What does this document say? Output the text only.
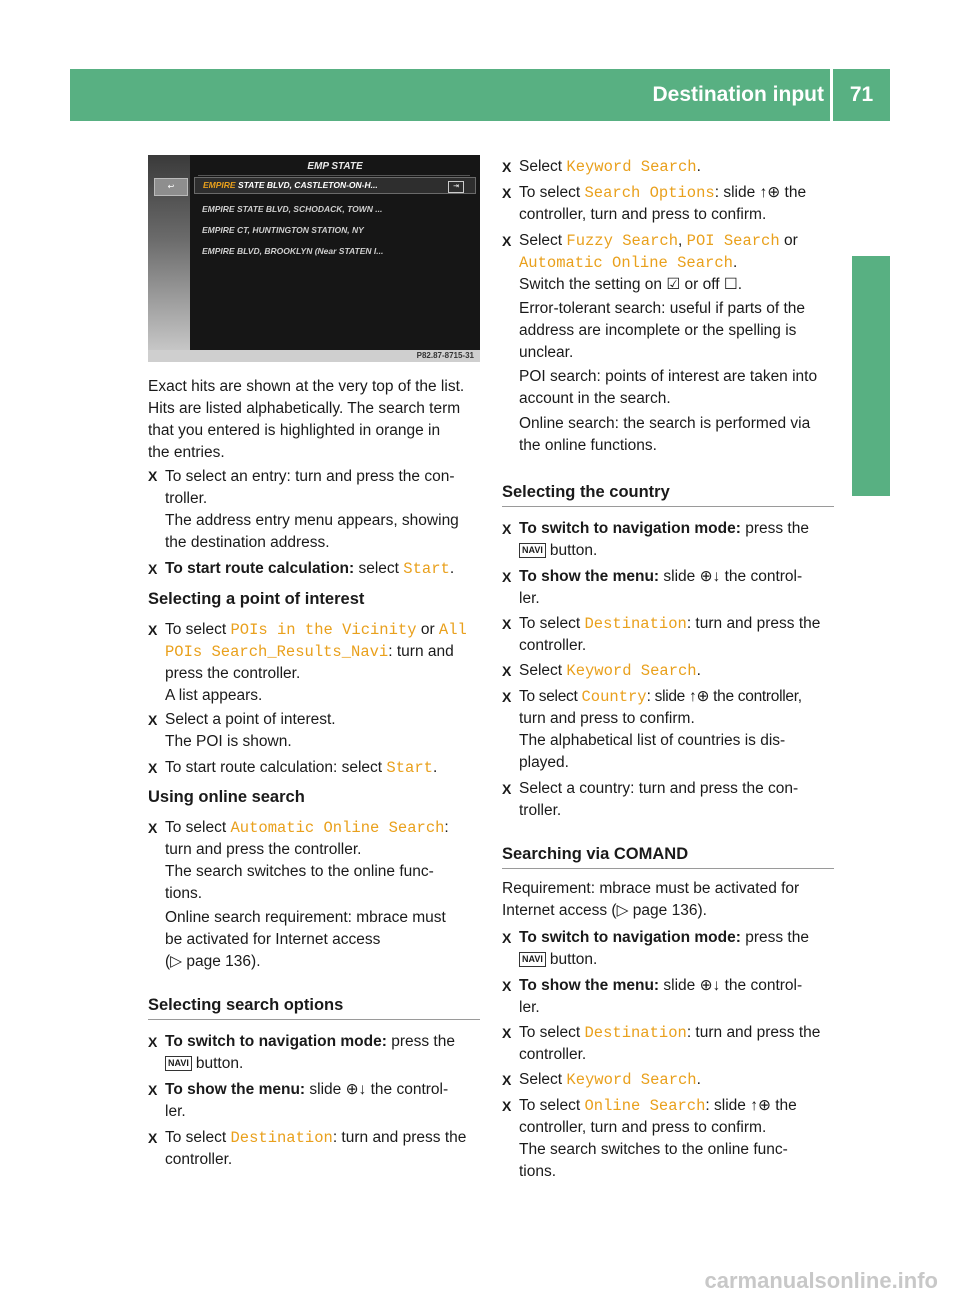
Destination input	71
Navigation
↩
EMP STATE
EMPIRE STATE BLVD, CASTLETON-ON-H...	⇥
EMPIRE STATE BLVD, SCHODACK, TOWN ...
EMPIRE CT, HUNTINGTON STATION, NY
EMPIRE BLVD, BROOKLYN (Near STATEN I...
P82.87-8715-31
Exact hits are shown at the very top of the list.
Hits are listed alphabetically. The search term
that you entered is highlighted in orange in
the entries.
X To select an entry: turn and press the con-
troller.
The address entry menu appears, showing
the destination address.
X To start route calculation: select Start.
Selecting a point of interest
X To select POIs in the Vicinity or All
POIs Search_Results_Navi: turn and
press the controller.
A list appears.
X Select a point of interest.
The POI is shown.
X To start route calculation: select Start.
Using online search
X To select Automatic Online Search:
turn and press the controller.
The search switches to the online func-
tions.
Online search requirement: mbrace must
be activated for Internet access
(▷ page 136).
Selecting search options
X To switch to navigation mode: press the
NAVI button.
X To show the menu: slide ⊕↓ the control-
ler.
X To select Destination: turn and press the
controller.
X Select Keyword Search.
X To select Search Options: slide ↑⊕ the
controller, turn and press to confirm.
X Select Fuzzy Search, POI Search or
Automatic Online Search.
Switch the setting on ☑ or off ☐.
Error-tolerant search: useful if parts of the
address are incomplete or the spelling is
unclear.
POI search: points of interest are taken into
account in the search.
Online search: the search is performed via
the online functions.
Selecting the country
X To switch to navigation mode: press the
NAVI button.
X To show the menu: slide ⊕↓ the control-
ler.
X To select Destination: turn and press the
controller.
X Select Keyword Search.
X To select Country: slide ↑⊕ the controller,
turn and press to confirm.
The alphabetical list of countries is dis-
played.
X Select a country: turn and press the con-
troller.
Searching via COMAND
Requirement: mbrace must be activated for
Internet access (▷ page 136).
X To switch to navigation mode: press the
NAVI button.
X To show the menu: slide ⊕↓ the control-
ler.
X To select Destination: turn and press the
controller.
X Select Keyword Search.
X To select Online Search: slide ↑⊕ the
controller, turn and press to confirm.
The search switches to the online func-
tions.
carmanualsonline.info
